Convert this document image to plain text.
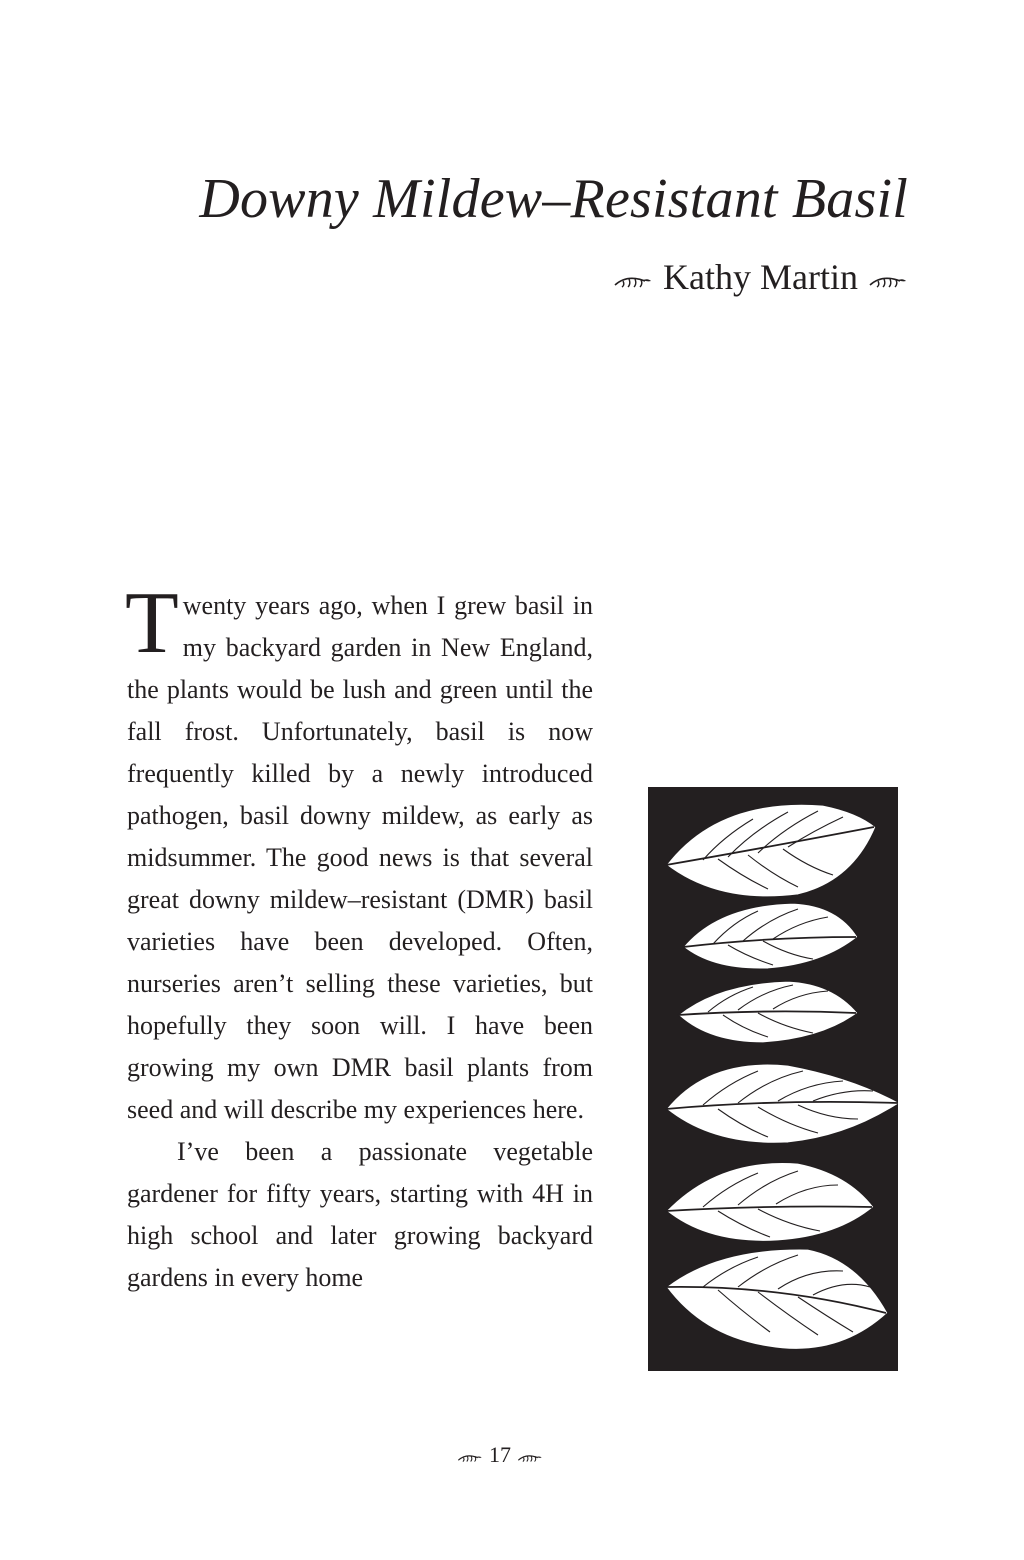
Downy Mildew–Resistant Basil
Kathy Martin

Twenty years ago, when I grew basil in my backyard garden in New England, the plants would be lush and green until the fall frost. Unfortunately, basil is now frequently killed by a newly introduced pathogen, basil downy mildew, as early as midsummer. The good news is that several great downy mildew–resistant (DMR) basil varieties have been developed. Often, nurseries aren’t selling these varieties, but hopefully they soon will. I have been growing my own DMR basil plants from seed and will describe my experiences here.

I’ve been a passionate vegetable gardener for fifty years, starting with 4H in high school and later growing backyard gardens in every home

17
